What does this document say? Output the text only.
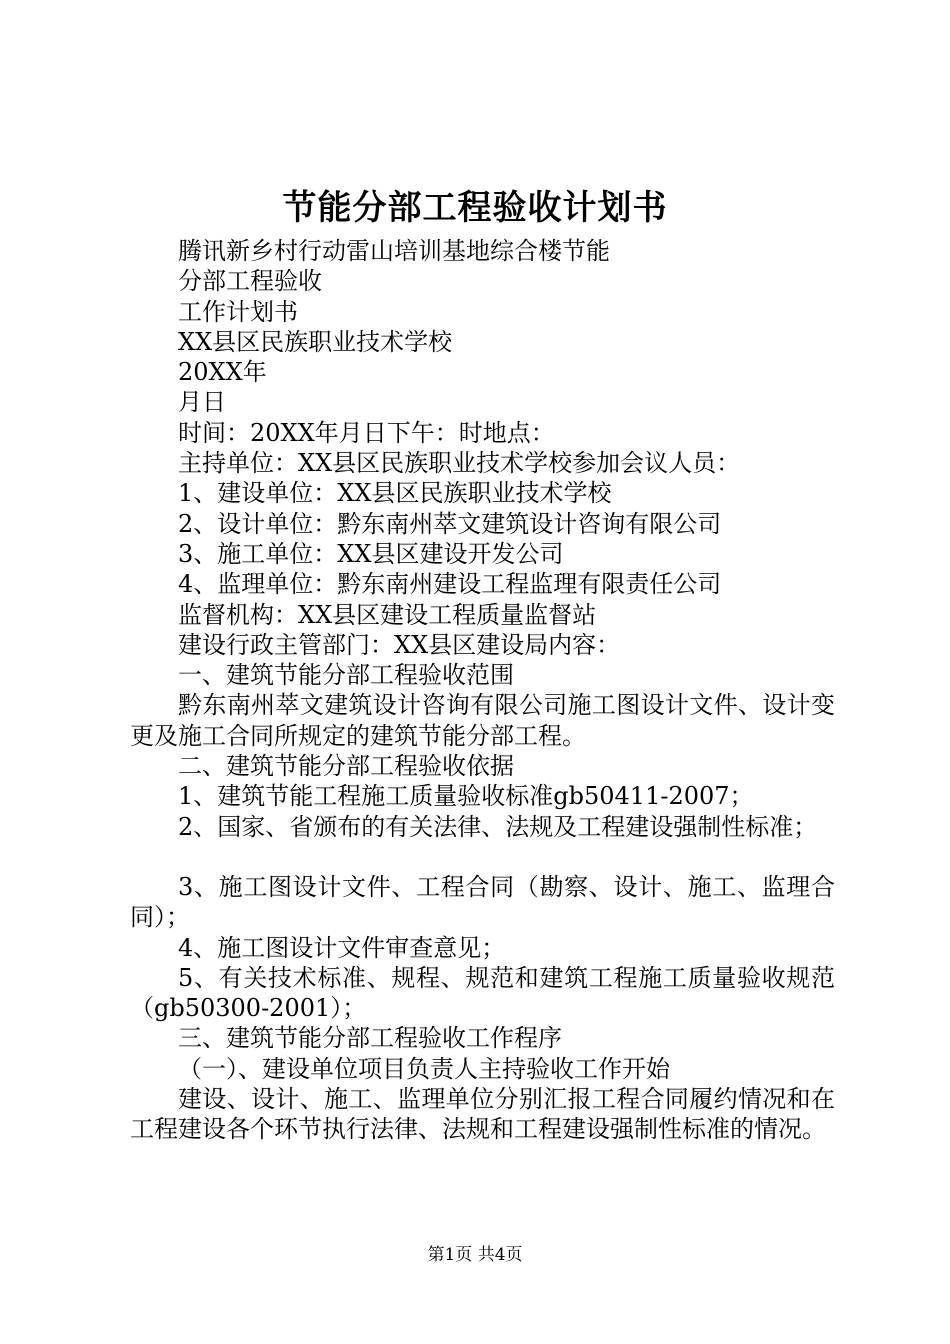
节能分部工程验收计划书
腾讯新乡村行动雷山培训基地综合楼节能
分部工程验收
工作计划书
XX县区民族职业技术学校
20XX年
月日
时间：20XX年月日下午：时地点：
主持单位：XX县区民族职业技术学校参加会议人员：
1、建设单位：XX县区民族职业技术学校
2、设计单位：黔东南州萃文建筑设计咨询有限公司
3、施工单位：XX县区建设开发公司
4、监理单位：黔东南州建设工程监理有限责任公司
监督机构：XX县区建设工程质量监督站
建设行政主管部门：XX县区建设局内容：
一、建筑节能分部工程验收范围
黔东南州萃文建筑设计咨询有限公司施工图设计文件、设计变更及施工合同所规定的建筑节能分部工程。
二、建筑节能分部工程验收依据
1、建筑节能工程施工质量验收标准gb50411-2007；
2、国家、省颁布的有关法律、法规及工程建设强制性标准；
3、施工图设计文件、工程合同（勘察、设计、施工、监理合同）；
4、施工图设计文件审查意见；
5、有关技术标准、规程、规范和建筑工程施工质量验收规范（gb50300-2001）；
三、建筑节能分部工程验收工作程序
（一）、建设单位项目负责人主持验收工作开始
建设、设计、施工、监理单位分别汇报工程合同履约情况和在工程建设各个环节执行法律、法规和工程建设强制性标准的情况。
第1页 共4页
